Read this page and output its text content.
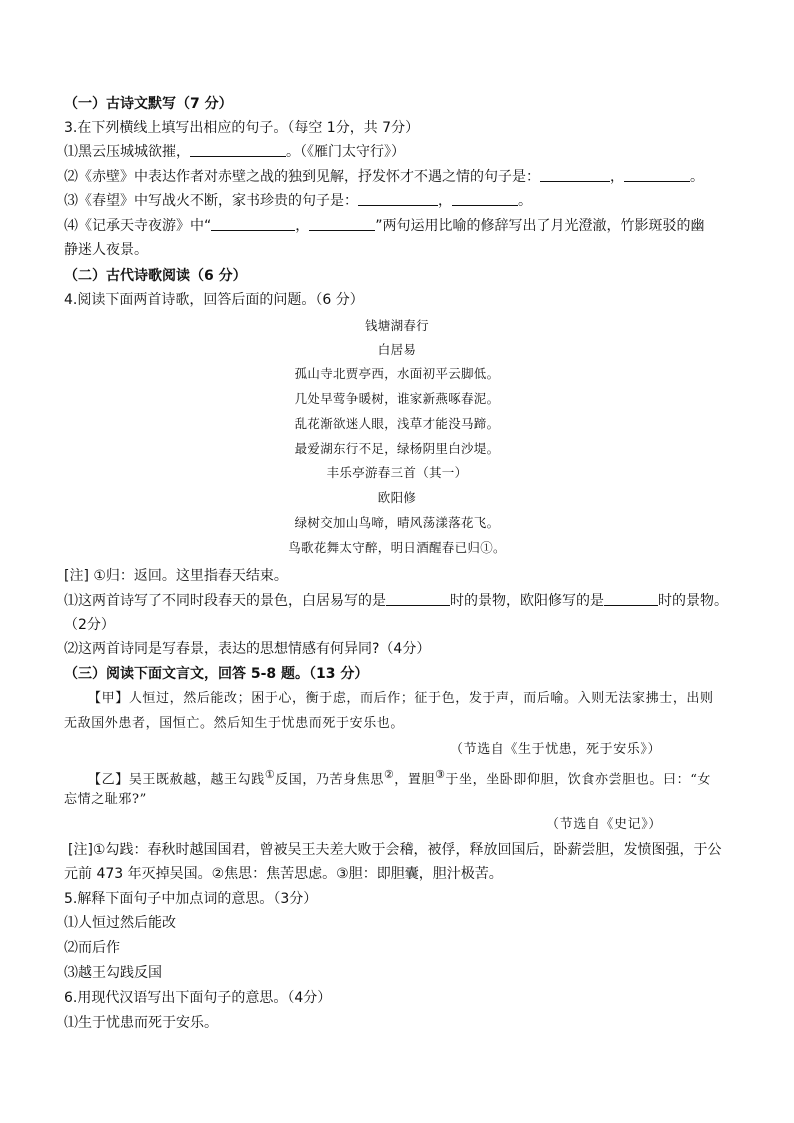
（一）古诗文默写（7 分）
3.在下列横线上填写出相应的句子。（每空 1分，共 7分）
⑴黑云压城城欲摧，	。（《雁门太守行》）
⑵《赤壁》中表达作者对赤壁之战的独到见解，抒发怀才不遇之情的句子是：	，	。
⑶《春望》中写战火不断，家书珍贵的句子是：	，	。
⑷《记承天寺夜游》中“	，	”两句运用比喻的修辞写出了月光澄澈，竹影斑驳的幽
静迷人夜景。
（二）古代诗歌阅读（6 分）
4.阅读下面两首诗歌，回答后面的问题。（6 分）
钱塘湖春行
白居易
孤山寺北贾亭西，水面初平云脚低。
几处早莺争暖树，谁家新燕啄春泥。
乱花渐欲迷人眼，浅草才能没马蹄。
最爱湖东行不足，绿杨阴里白沙堤。
丰乐亭游春三首（其一）
欧阳修
绿树交加山鸟啼，晴风荡漾落花飞。
鸟歌花舞太守醉，明日酒醒春已归①。
[注] ①归：返回。这里指春天结束。
⑴这两首诗写了不同时段春天的景色，白居易写的是	时的景物，欧阳修写的是	时的景物。
（2分）
⑵这两首诗同是写春景，表达的思想情感有何异同?（4分）
（三）阅读下面文言文，回答 5-8 题。（13 分）
【甲】人恒过，然后能改；困于心，衡于虑，而后作；征于色，发于声，而后喻。入则无法家拂士，出则
无敌国外患者，国恒亡。然后知生于忧患而死于安乐也。
（节选自《生于忧患，死于安乐》）
【乙】吴王既赦越，越王勾践①反国，乃苦身焦思②，置胆③于坐，坐卧即仰胆，饮食亦尝胆也。曰：“女
忘情之耻邪?”
（节选自《史记》）
[注]①勾践：春秋时越国国君，曾被吴王夫差大败于会稽，被俘，释放回国后，卧薪尝胆，发愤图强，于公
元前 473 年灭掉吴国。②焦思：焦苦思虑。③胆：即胆囊，胆汁极苦。
5.解释下面句子中加点词的意思。（3分）
⑴人恒过然后能改
⑵而后作
⑶越王勾践反国
6.用现代汉语写出下面句子的意思。（4分）
⑴生于忧患而死于安乐。
